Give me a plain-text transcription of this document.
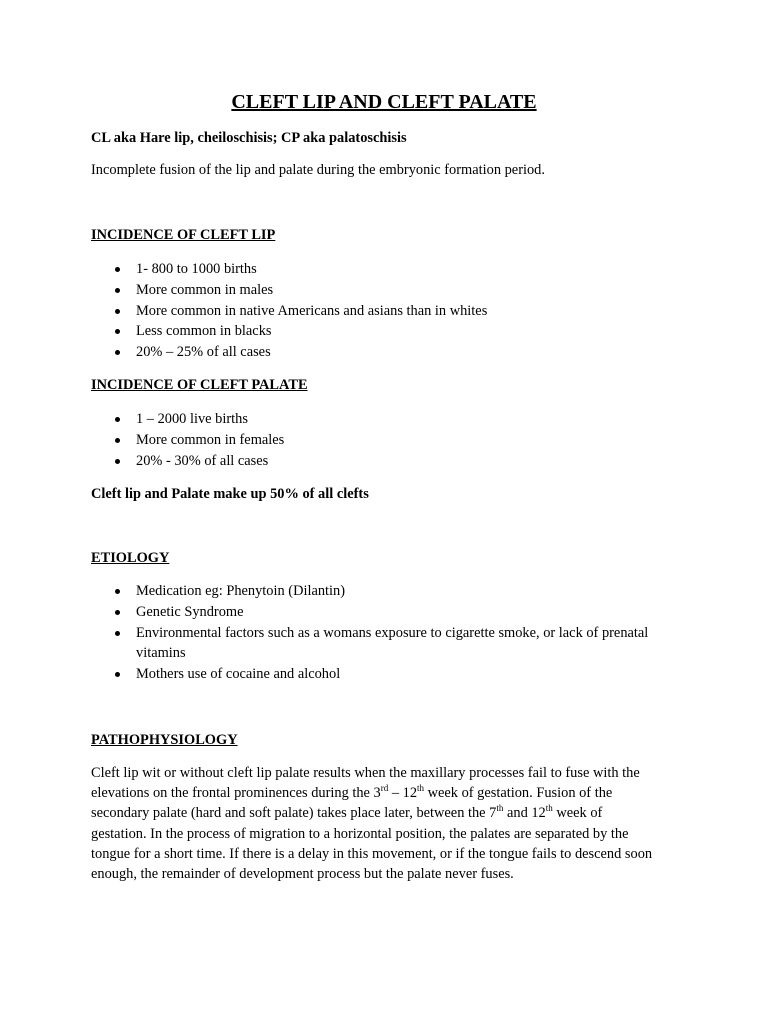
CLEFT LIP AND CLEFT PALATE

CL aka Hare lip, cheiloschisis; CP aka palatoschisis

Incomplete fusion of the lip and palate during the embryonic formation period.

INCIDENCE OF CLEFT LIP

1- 800 to 1000 births
More common in males
More common in native Americans and asians than in whites
Less common in blacks
20% – 25% of all cases

INCIDENCE OF CLEFT PALATE

1 – 2000 live births
More common in females
20% - 30% of all cases

Cleft lip and Palate make up 50% of all clefts

ETIOLOGY

Medication eg: Phenytoin (Dilantin)
Genetic Syndrome
Environmental factors such as a womans exposure to cigarette smoke, or lack of prenatal vitamins
Mothers use of cocaine and alcohol

PATHOPHYSIOLOGY

Cleft lip wit or without cleft lip palate results when the maxillary processes fail to fuse with the
elevations on the frontal prominences during the 3rd – 12th week of gestation. Fusion of the
secondary palate (hard and soft palate) takes place later, between the 7th and 12th week of
gestation. In the process of migration to a horizontal position, the palates are separated by the
tongue for a short time. If there is a delay in this movement, or if the tongue fails to descend soon
enough, the remainder of development process but the palate never fuses.
